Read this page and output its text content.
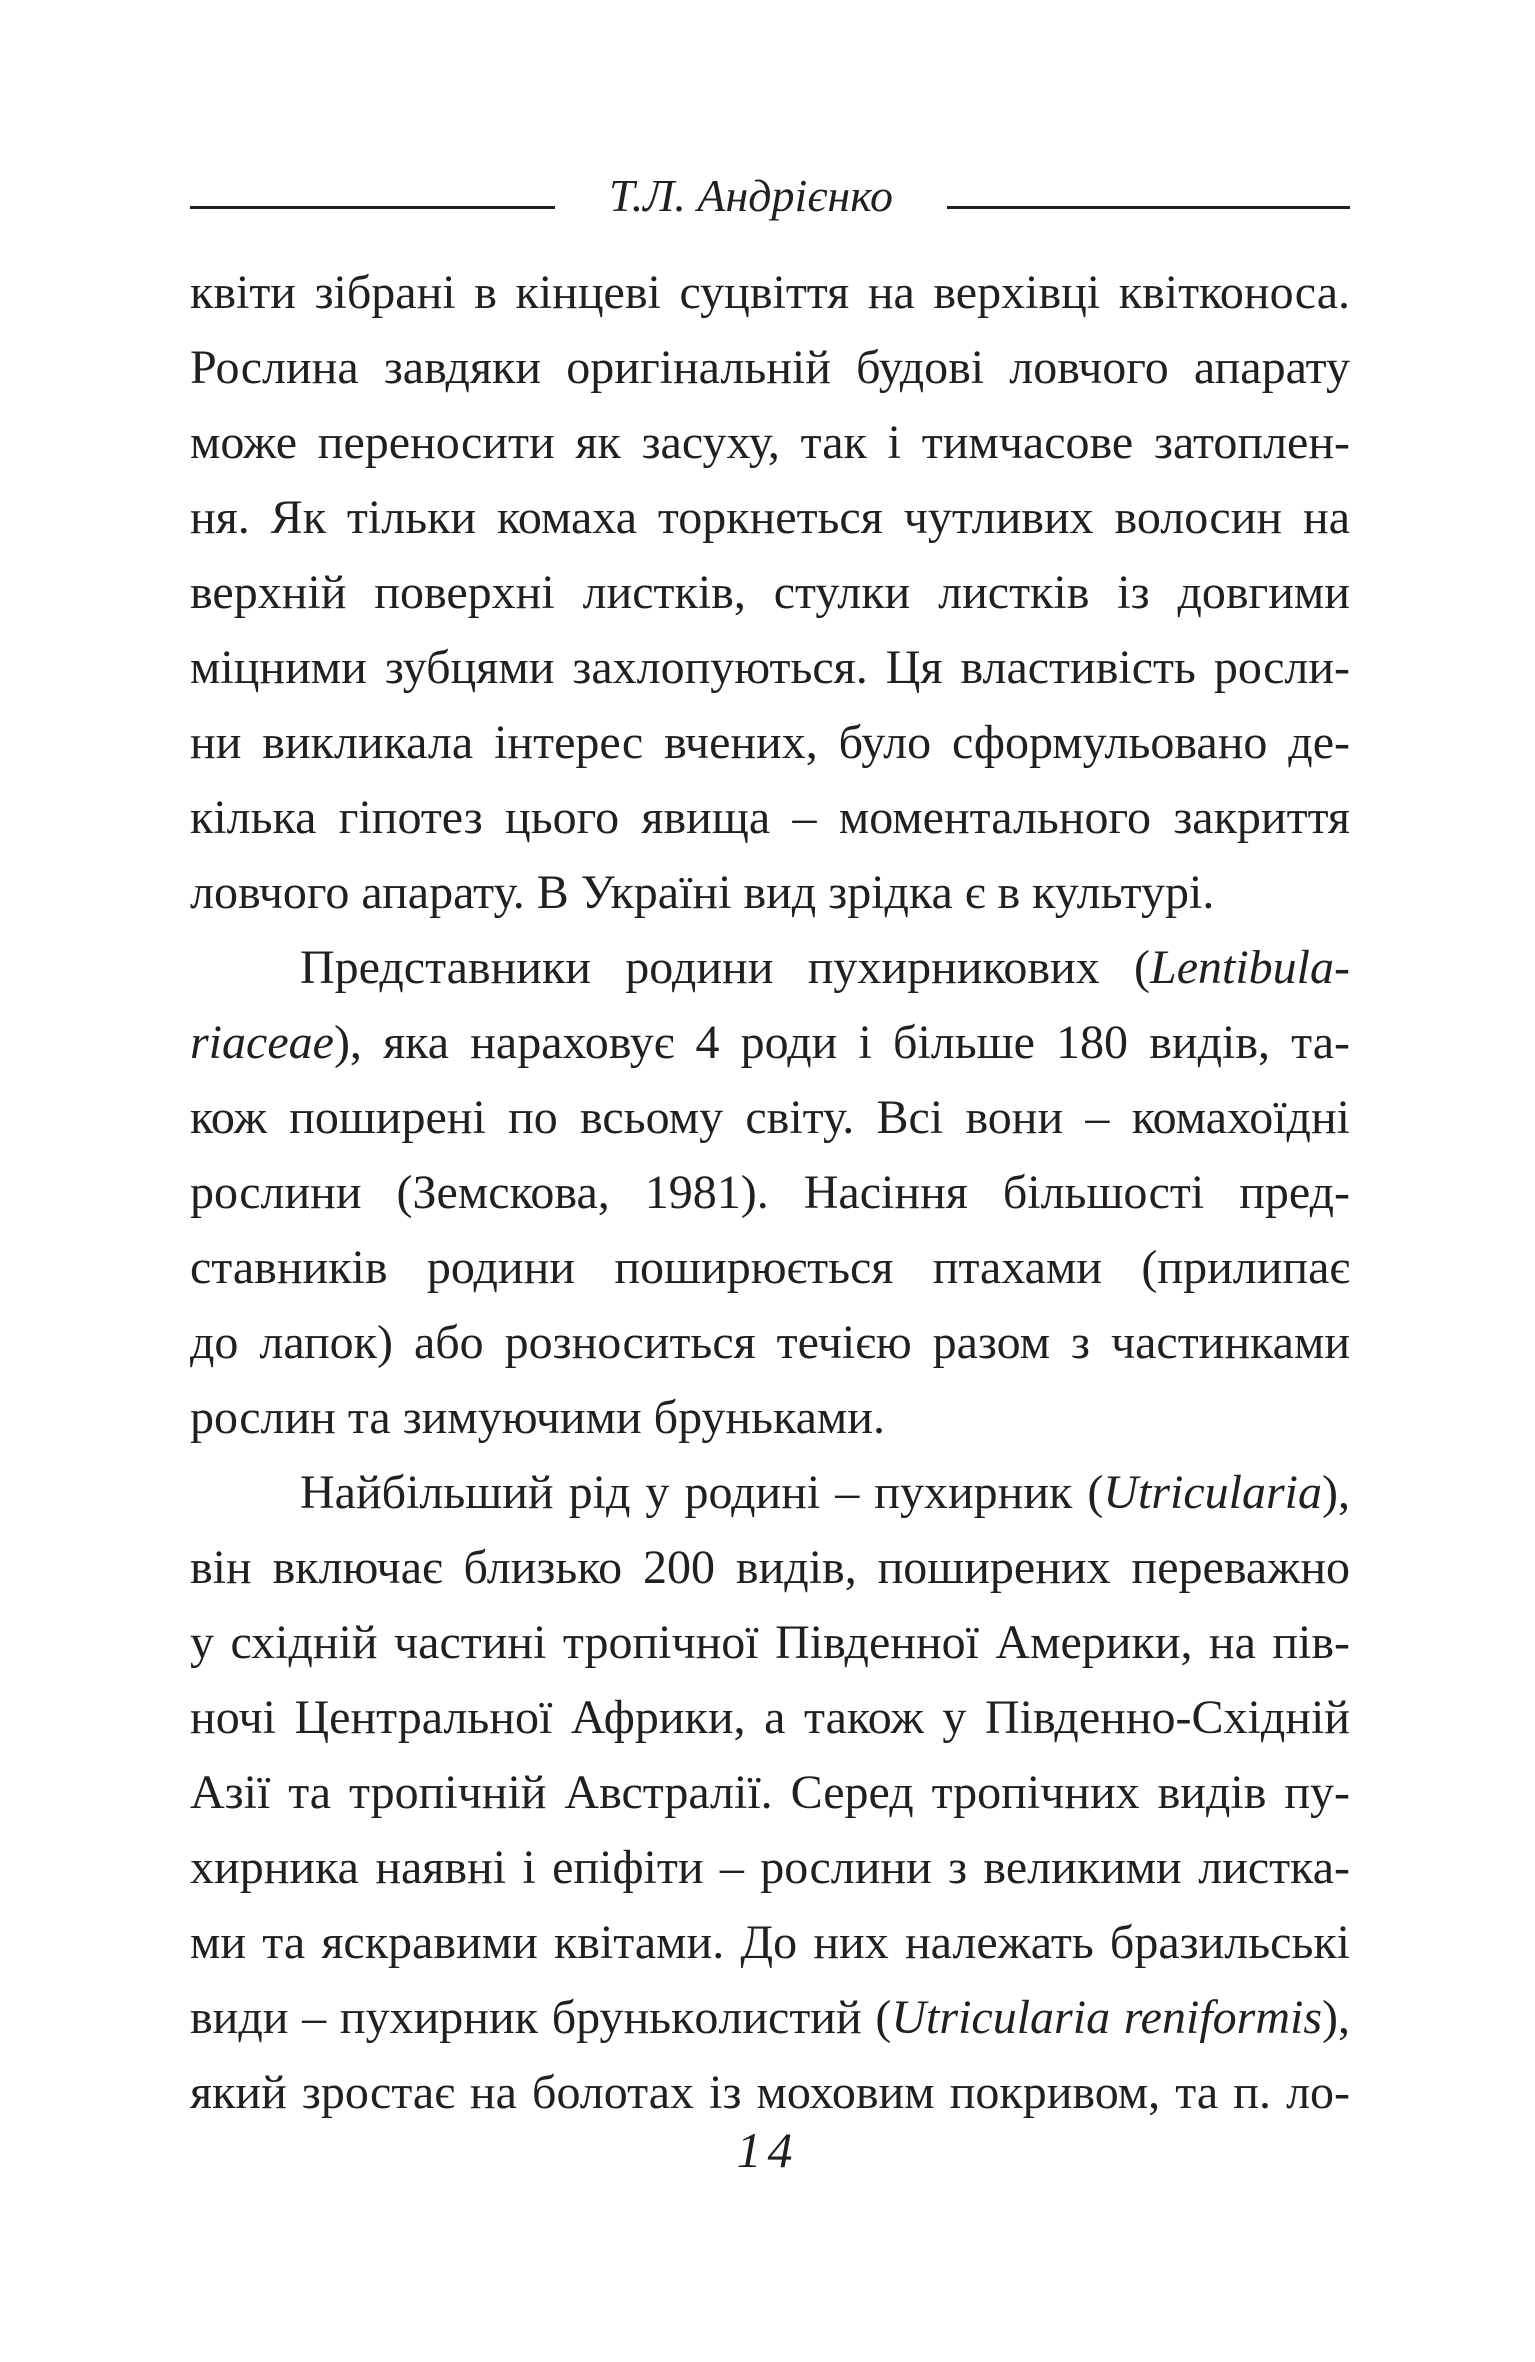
Т.Л. Андрієнко
квіти зібрані в кінцеві суцвіття на верхівці квітконоса.
Рослина завдяки оригінальній будові ловчого апарату
може переносити як засуху, так і тимчасове затоплен-
ня. Як тільки комаха торкнеться чутливих волосин на
верхній поверхні листків, стулки листків із довгими
міцними зубцями захлопуються. Ця властивість росли-
ни викликала інтерес вчених, було сформульовано де-
кілька гіпотез цього явища – моментального закриття
ловчого апарату. В Україні вид зрідка є в культурі.
Представники родини пухирникових (Lentibula-
riaceae), яка нараховує 4 роди і більше 180 видів, та-
кож поширені по всьому світу. Всі вони – комахоїдні
рослини (Земскова, 1981). Насіння більшості пред-
ставників родини поширюється птахами (прилипає
до лапок) або розноситься течією разом з частинками
рослин та зимуючими бруньками.
Найбільший рід у родині – пухирник (Utricularia),
він включає близько 200 видів, поширених переважно
у східній частині тропічної Південної Америки, на пів-
ночі Центральної Африки, а також у Південно-Східній
Азії та тропічній Австралії. Серед тропічних видів пу-
хирника наявні і епіфіти – рослини з великими листка-
ми та яскравими квітами. До них належать бразильські
види – пухирник брунькoлистий (Utricularia reniformis),
який зростає на болотах із моховим покривом, та п. ло-
14
